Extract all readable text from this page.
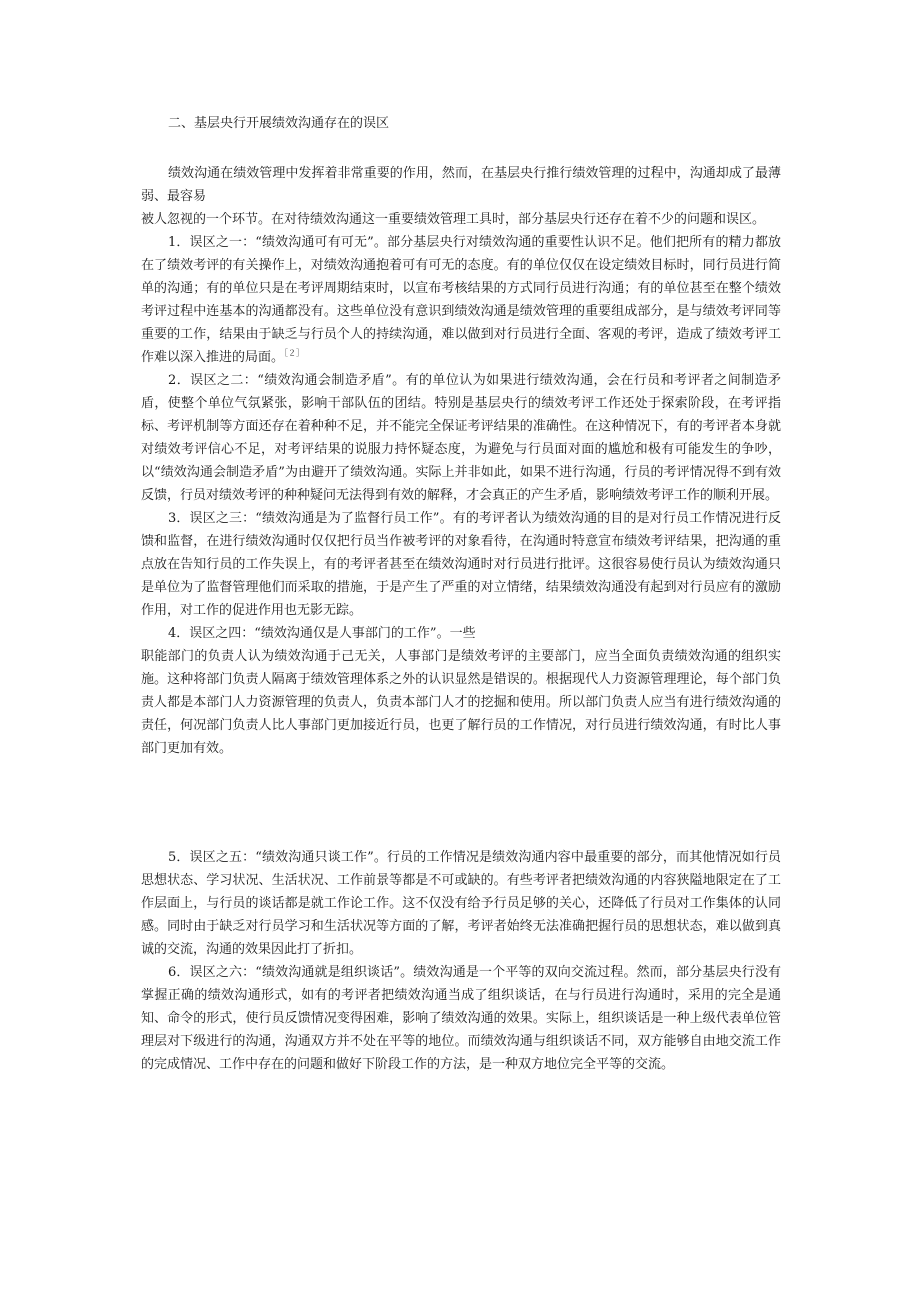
二、基层央行开展绩效沟通存在的误区

绩效沟通在绩效管理中发挥着非常重要的作用，然而，在基层央行推行绩效管理的过程中，沟通却成了最薄弱、最容易

被人忽视的一个环节。在对待绩效沟通这一重要绩效管理工具时，部分基层央行还存在着不少的问题和误区。

1．误区之一：“绩效沟通可有可无”。部分基层央行对绩效沟通的重要性认识不足。他们把所有的精力都放在了绩效考评的有关操作上，对绩效沟通抱着可有可无的态度。有的单位仅仅在设定绩效目标时，同行员进行简单的沟通；有的单位只是在考评周期结束时，以宣布考核结果的方式同行员进行沟通；有的单位甚至在整个绩效考评过程中连基本的沟通都没有。这些单位没有意识到绩效沟通是绩效管理的重要组成部分，是与绩效考评同等重要的工作，结果由于缺乏与行员个人的持续沟通，难以做到对行员进行全面、客观的考评，造成了绩效考评工作难以深入推进的局面。$^{[2]}$

2．误区之二：“绩效沟通会制造矛盾”。有的单位认为如果进行绩效沟通，会在行员和考评者之间制造矛盾，使整个单位气氛紧张，影响干部队伍的团结。特别是基层央行的绩效考评工作还处于探索阶段，在考评指标、考评机制等方面还存在着种种不足，并不能完全保证考评结果的准确性。在这种情况下，有的考评者本身就对绩效考评信心不足，对考评结果的说服力持怀疑态度，为避免与行员面对面的尴尬和极有可能发生的争吵，以“绩效沟通会制造矛盾”为由避开了绩效沟通。实际上并非如此，如果不进行沟通，行员的考评情况得不到有效反馈，行员对绩效考评的种种疑问无法得到有效的解释，才会真正的产生矛盾，影响绩效考评工作的顺利开展。

3．误区之三：“绩效沟通是为了监督行员工作”。有的考评者认为绩效沟通的目的是对行员工作情况进行反馈和监督，在进行绩效沟通时仅仅把行员当作被考评的对象看待，在沟通时特意宣布绩效考评结果，把沟通的重点放在告知行员的工作失误上，有的考评者甚至在绩效沟通时对行员进行批评。这很容易使行员认为绩效沟通只是单位为了监督管理他们而采取的措施，于是产生了严重的对立情绪，结果绩效沟通没有起到对行员应有的激励作用，对工作的促进作用也无影无踪。

4．误区之四：“绩效沟通仅是人事部门的工作”。一些

职能部门的负责人认为绩效沟通于己无关，人事部门是绩效考评的主要部门，应当全面负责绩效沟通的组织实施。这种将部门负责人隔离于绩效管理体系之外的认识显然是错误的。根据现代人力资源管理理论，每个部门负责人都是本部门人力资源管理的负责人，负责本部门人才的挖掘和使用。所以部门负责人应当有进行绩效沟通的责任，何况部门负责人比人事部门更加接近行员，也更了解行员的工作情况，对行员进行绩效沟通，有时比人事部门更加有效。

5．误区之五：“绩效沟通只谈工作”。行员的工作情况是绩效沟通内容中最重要的部分，而其他情况如行员思想状态、学习状况、生活状况、工作前景等都是不可或缺的。有些考评者把绩效沟通的内容狭隘地限定在了工作层面上，与行员的谈话都是就工作论工作。这不仅没有给予行员足够的关心，还降低了行员对工作集体的认同感。同时由于缺乏对行员学习和生活状况等方面的了解，考评者始终无法准确把握行员的思想状态，难以做到真诚的交流，沟通的效果因此打了折扣。

6．误区之六：“绩效沟通就是组织谈话”。绩效沟通是一个平等的双向交流过程。然而，部分基层央行没有掌握正确的绩效沟通形式，如有的考评者把绩效沟通当成了组织谈话，在与行员进行沟通时，采用的完全是通知、命令的形式，使行员反馈情况变得困难，影响了绩效沟通的效果。实际上，组织谈话是一种上级代表单位管理层对下级进行的沟通，沟通双方并不处在平等的地位。而绩效沟通与组织谈话不同，双方能够自由地交流工作的完成情况、工作中存在的问题和做好下阶段工作的方法，是一种双方地位完全平等的交流。
